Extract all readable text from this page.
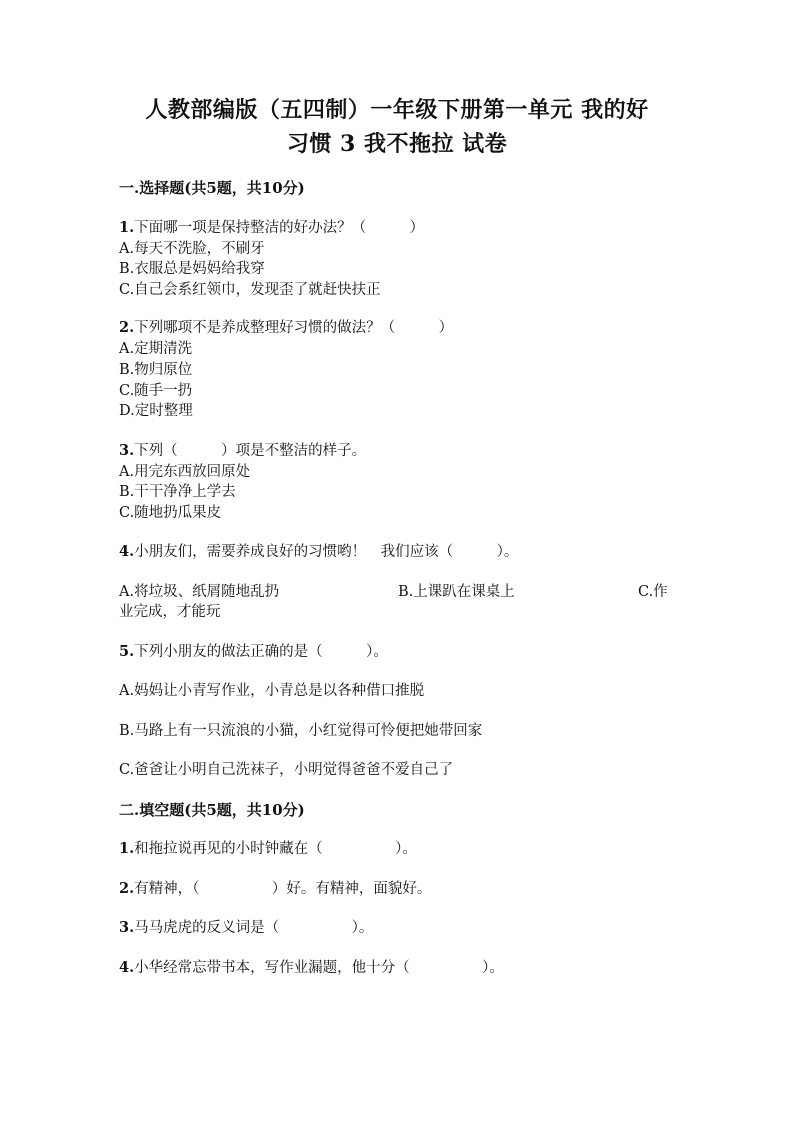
人教部编版（五四制）一年级下册第一单元 我的好
习惯 3 我不拖拉 试卷
一.选择题(共5题，共10分)
1.下面哪一项是保持整洁的好办法？（　　　）
A.每天不洗脸，不刷牙
B.衣服总是妈妈给我穿
C.自己会系红领巾，发现歪了就赶快扶正
2.下列哪项不是养成整理好习惯的做法？（　　　）
A.定期清洗
B.物归原位
C.随手一扔
D.定时整理
3.下列（　　　）项是不整洁的样子。
A.用完东西放回原处
B.干干净净上学去
C.随地扔瓜果皮
4.小朋友们，需要养成良好的习惯哟！　我们应该（　　　）。
A.将垃圾、纸屑随地乱扔	B.上课趴在课桌上	C.作
业完成，才能玩
5.下列小朋友的做法正确的是（　　　）。
A.妈妈让小青写作业，小青总是以各种借口推脱
B.马路上有一只流浪的小猫，小红觉得可怜便把她带回家
C.爸爸让小明自己洗袜子，小明觉得爸爸不爱自己了
二.填空题(共5题，共10分)
1.和拖拉说再见的小时钟藏在（　　　　　）。
2.有精神，（　　　　　）好。有精神，面貌好。
3.马马虎虎的反义词是（　　　　　）。
4.小华经常忘带书本，写作业漏题，他十分（　　　　　）。
